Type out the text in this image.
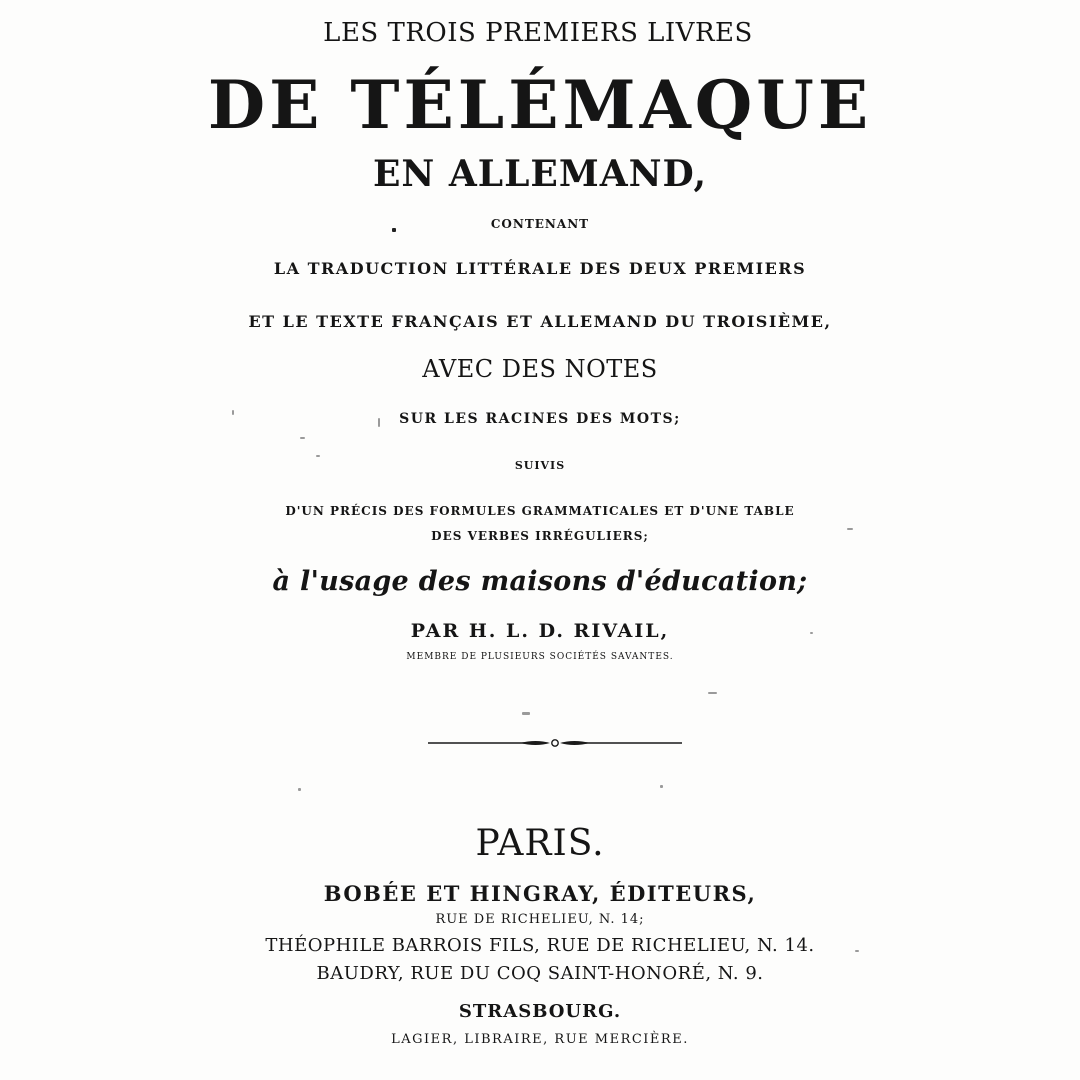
LES TROIS PREMIERS LIVRES
DE TÉLÉMAQUE
EN ALLEMAND,
CONTENANT
LA TRADUCTION LITTÉRALE DES DEUX PREMIERS
ET LE TEXTE FRANÇAIS ET ALLEMAND DU TROISIÈME,
AVEC DES NOTES
SUR LES RACINES DES MOTS;
SUIVIS
D'UN PRÉCIS DES FORMULES GRAMMATICALES ET D'UNE TABLE
DES VERBES IRRÉGULIERS;
à l'usage des maisons d'éducation;
PAR H. L. D. RIVAIL,
MEMBRE DE PLUSIEURS SOCIÉTÉS SAVANTES.
PARIS.
BOBÉE ET HINGRAY, ÉDITEURS,
RUE DE RICHELIEU, N. 14;
THÉOPHILE BARROIS FILS, RUE DE RICHELIEU, N. 14.
BAUDRY, RUE DU COQ SAINT-HONORÉ, N. 9.
STRASBOURG.
LAGIER, LIBRAIRE, RUE MERCIÈRE.
